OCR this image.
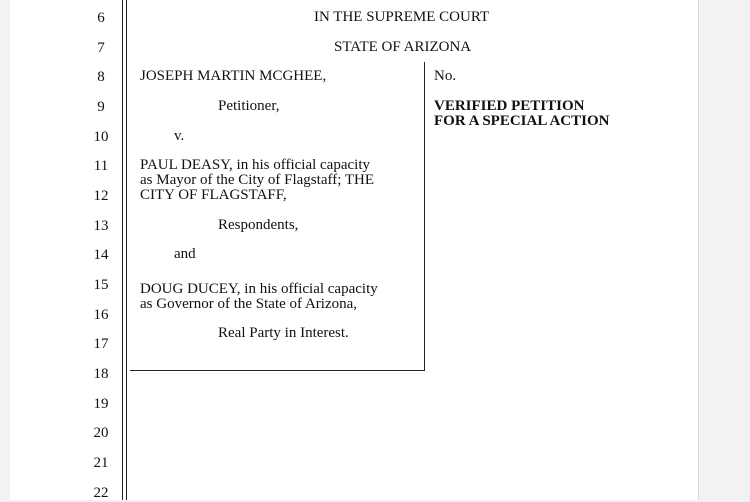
6
7
8
9
10
11
12
13
14
15
16
17
18
19
20
21
22
IN THE SUPREME COURT
STATE OF ARIZONA
JOSEPH MARTIN MCGHEE,
Petitioner,
v.
PAUL DEASY, in his official capacity
as Mayor of the City of Flagstaff; THE
CITY OF FLAGSTAFF,
Respondents,
and
DOUG DUCEY, in his official capacity
as Governor of the State of Arizona,
Real Party in Interest.
No.
VERIFIED PETITION
FOR A SPECIAL ACTION
